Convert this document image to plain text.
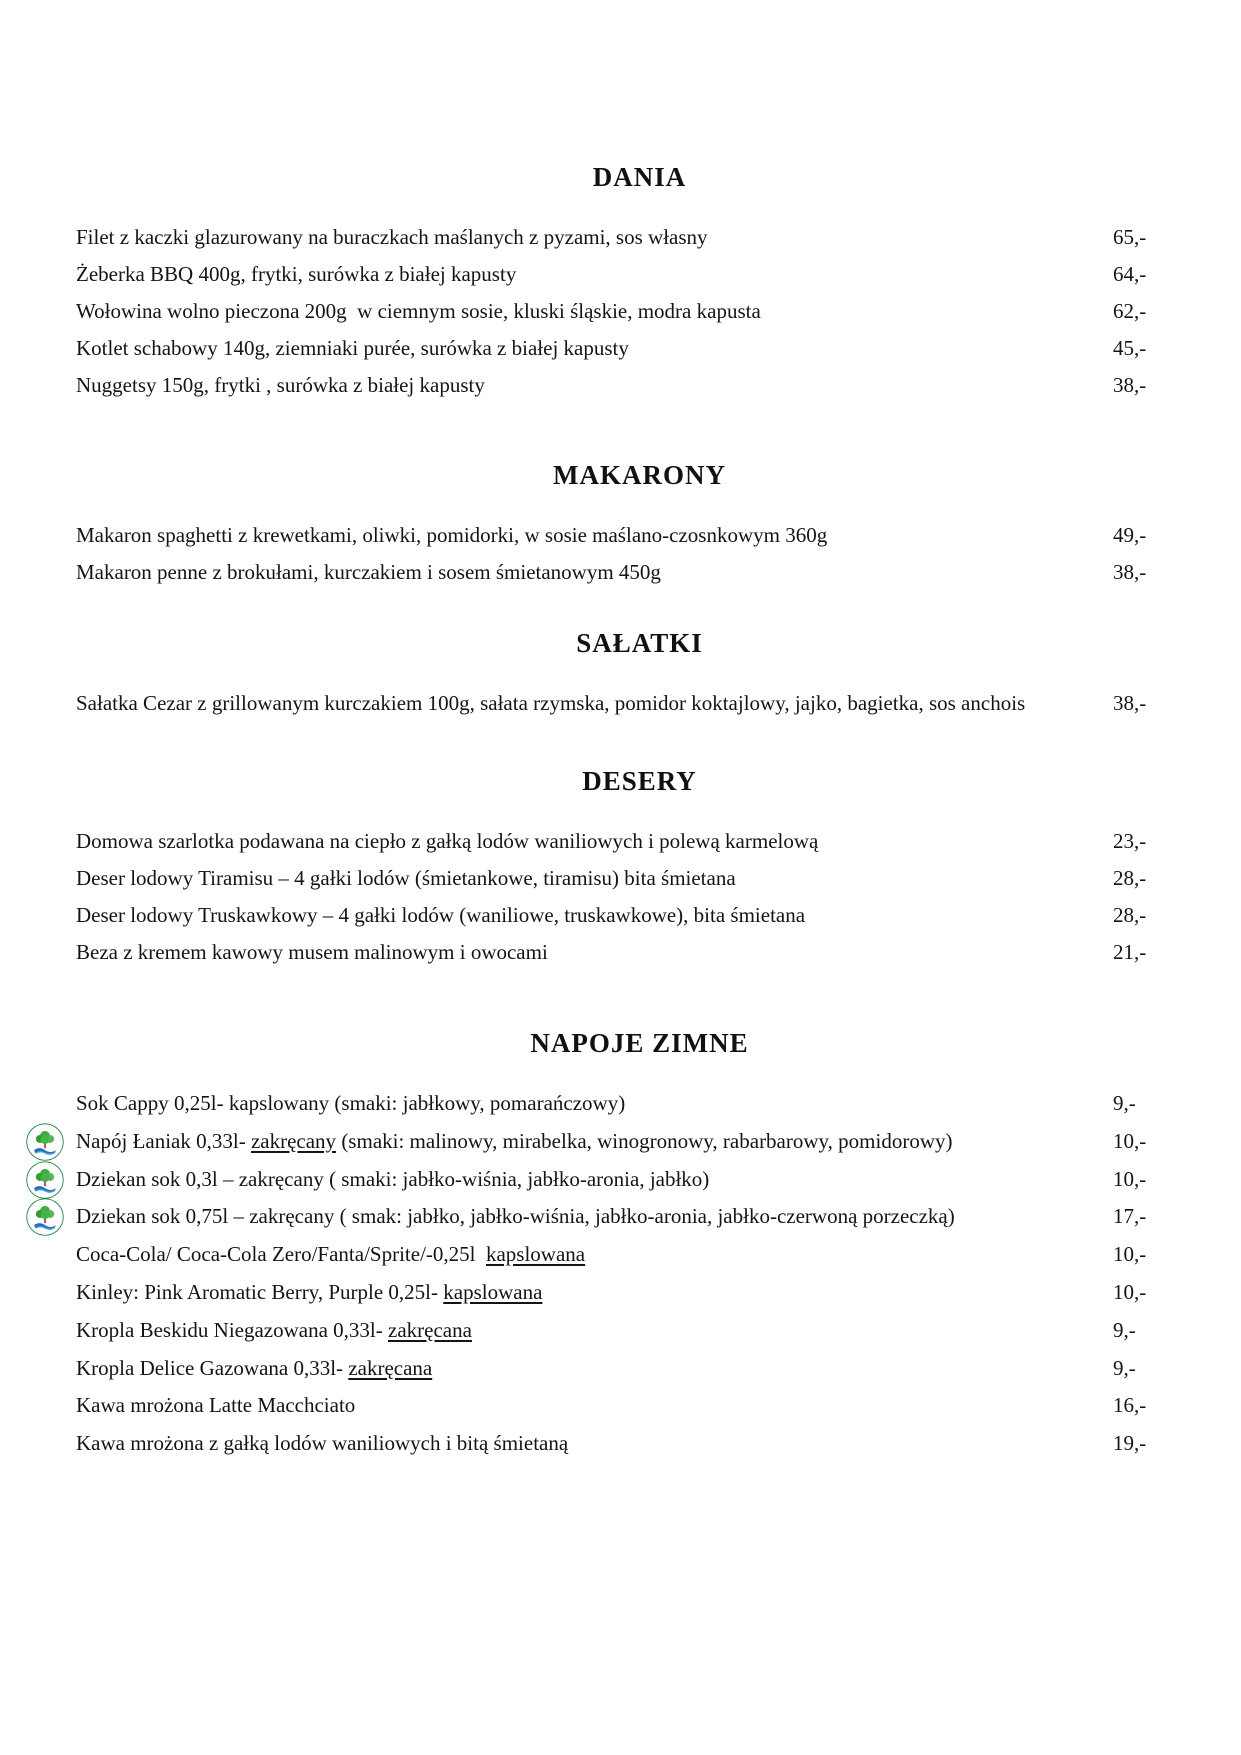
DANIA
Filet z kaczki glazurowany na buraczkach maślanych z pyzami, sos własny	65,-
Żeberka BBQ 400g, frytki, surówka z białej kapusty	64,-
Wołowina wolno pieczona 200g  w ciemnym sosie, kluski śląskie, modra kapusta	62,-
Kotlet schabowy 140g, ziemniaki purée, surówka z białej kapusty	45,-
Nuggetsy 150g, frytki , surówka z białej kapusty	38,-
MAKARONY
Makaron spaghetti z krewetkami, oliwki, pomidorki, w sosie maślano-czosnkowym 360g	49,-
Makaron penne z brokułami, kurczakiem i sosem śmietanowym 450g	38,-
SAŁATKI
Sałatka Cezar z grillowanym kurczakiem 100g, sałata rzymska, pomidor koktajlowy, jajko, bagietka, sos anchois	38,-
DESERY
Domowa szarlotka podawana na ciepło z gałką lodów waniliowych i polewą karmelową	23,-
Deser lodowy Tiramisu – 4 gałki lodów (śmietankowe, tiramisu) bita śmietana	28,-
Deser lodowy Truskawkowy – 4 gałki lodów (waniliowe, truskawkowe), bita śmietana	28,-
Beza z kremem kawowy musem malinowym i owocami	21,-
NAPOJE ZIMNE
Sok Cappy 0,25l- kapslowany (smaki: jabłkowy, pomarańczowy)	9,-
Napój Łaniak 0,33l- zakręcany (smaki: malinowy, mirabelka, winogronowy, rabarbarowy, pomidorowy)	10,-
Dziekan sok 0,3l – zakręcany ( smaki: jabłko-wiśnia, jabłko-aronia, jabłko)	10,-
Dziekan sok 0,75l – zakręcany ( smak: jabłko, jabłko-wiśnia, jabłko-aronia, jabłko-czerwoną porzeczką)	17,-
Coca-Cola/ Coca-Cola Zero/Fanta/Sprite/-0,25l  kapslowana	10,-
Kinley: Pink Aromatic Berry, Purple 0,25l- kapslowana	10,-
Kropla Beskidu Niegazowana 0,33l- zakręcana	9,-
Kropla Delice Gazowana 0,33l- zakręcana	9,-
Kawa mrożona Latte Macchciato	16,-
Kawa mrożona z gałką lodów waniliowych i bitą śmietaną	19,-
